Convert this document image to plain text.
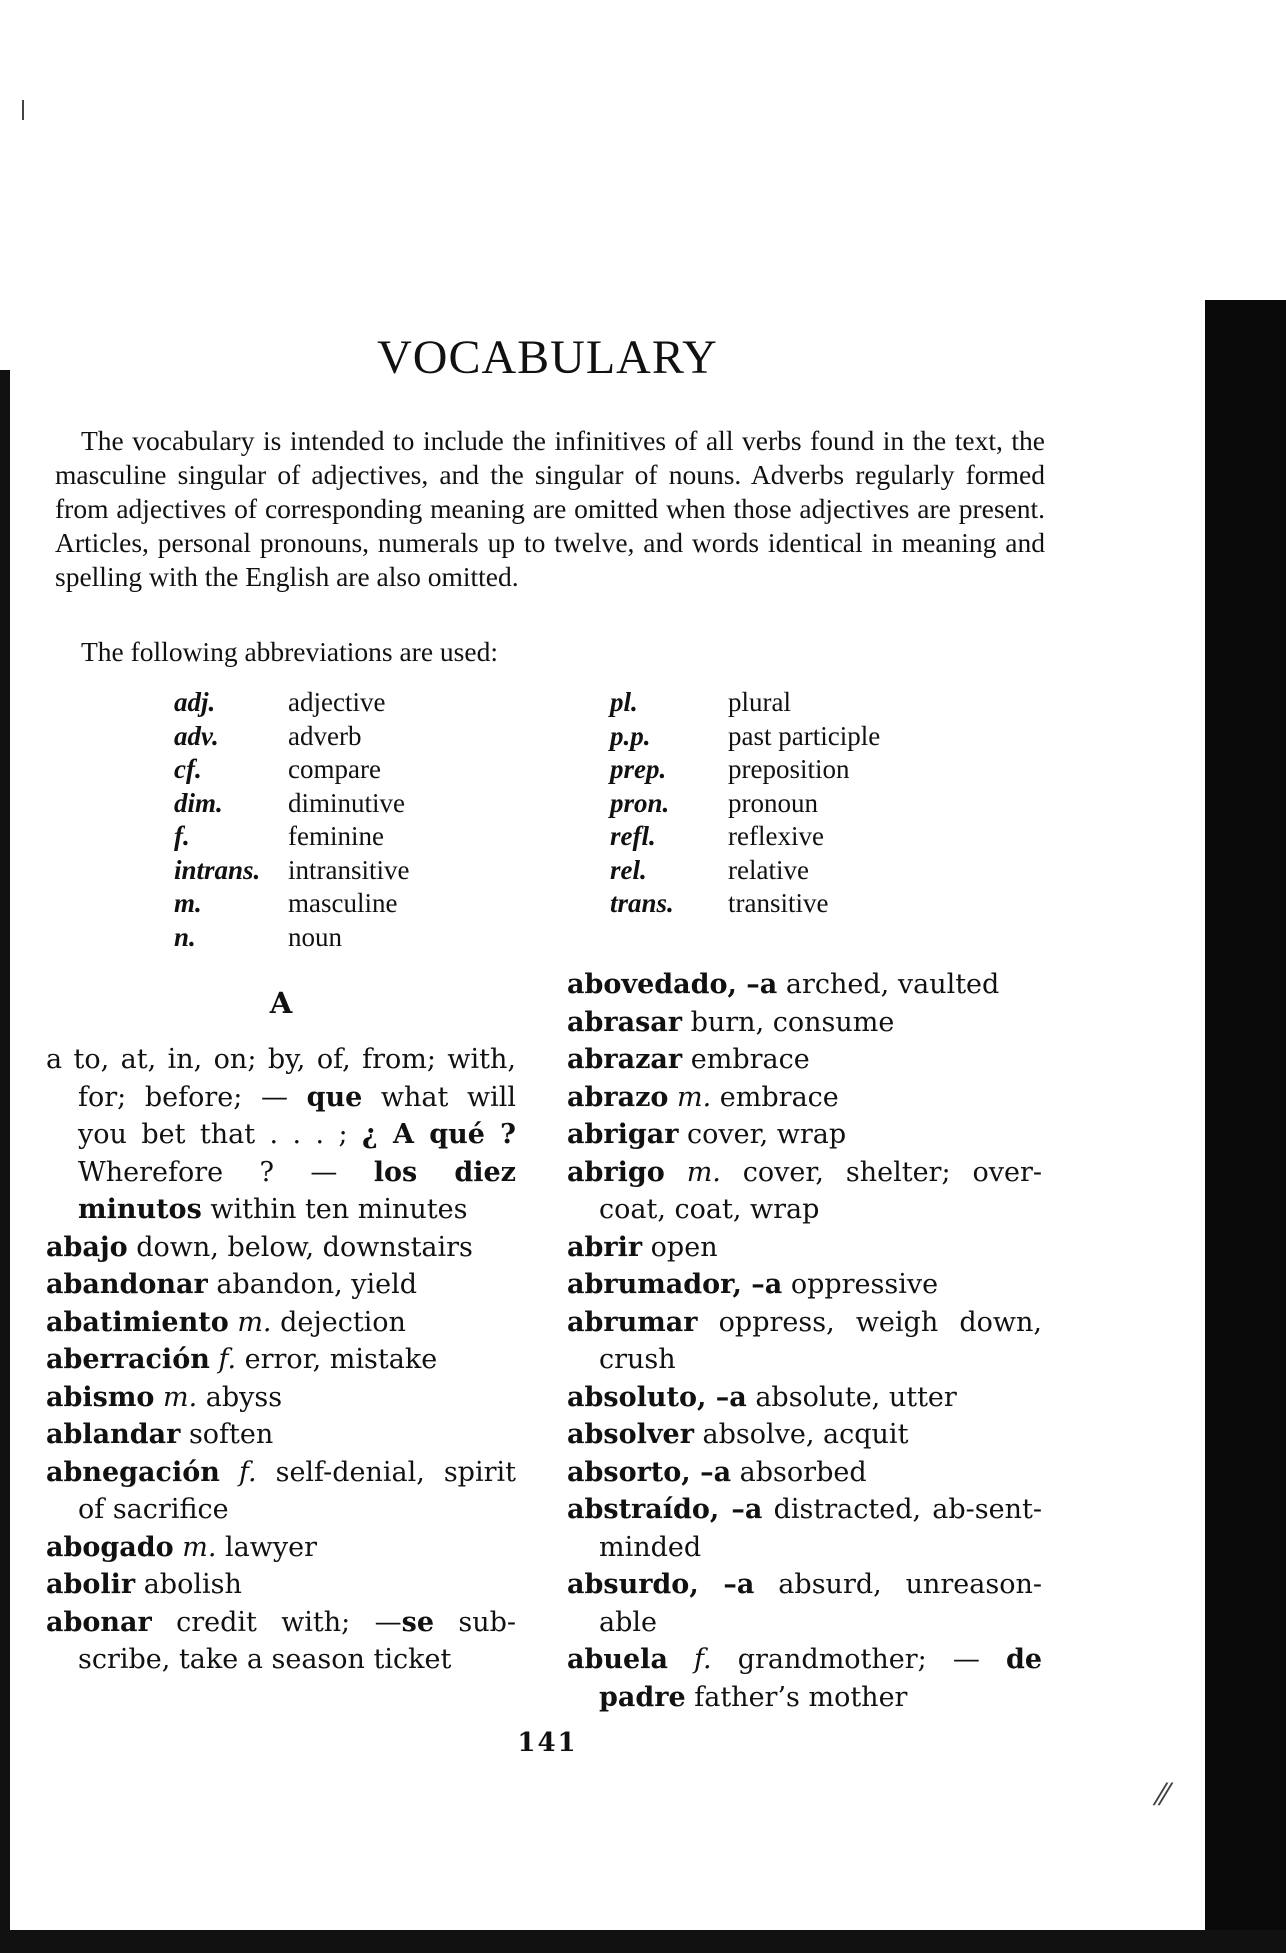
VOCABULARY

The vocabulary is intended to include the infinitives of all verbs found in the text, the masculine singular of adjectives, and the singular of nouns. Adverbs regularly formed from adjectives of corresponding meaning are omitted when those adjectives are present. Articles, personal pronouns, numerals up to twelve, and words identical in meaning and spelling with the English are also omitted.

The following abbreviations are used:
adj.	adjective
adv.	adverb
cf.	compare
dim. diminutive
f.	feminine
intrans. intransitive
m.	masculine
n.	noun
pl.	plural
p.p.	past participle
prep. preposition
pron. pronoun
refl.	reflexive
rel.	relative
trans. transitive
A
a to, at, in, on; by, of, from; with, for; before; — que what will you bet that . . . ; ¿ A qué ? Wherefore ? — los diez minutos within ten minutes
abajo down, below, downstairs
abandonar abandon, yield
abatimiento m. dejection
aberración f. error, mistake
abismo m. abyss
ablandar soften
abnegación f. self-denial, spirit of sacrifice
abogado m. lawyer
abolir abolish
abonar credit with; —se sub-scribe, take a season ticket
abovedado, –a arched, vaulted
abrasar burn, consume
abrazar embrace
abrazo m. embrace
abrigar cover, wrap
abrigo m. cover, shelter; over-coat, coat, wrap
abrir open
abrumador, –a oppressive
abrumar oppress, weigh down, crush
absoluto, –a absolute, utter
absolver absolve, acquit
absorto, –a absorbed
abstraído, –a distracted, ab-sent-minded
absurdo, –a absurd, unreason-able
abuela f. grandmother; — de padre father’s mother
141
⁄⁄
